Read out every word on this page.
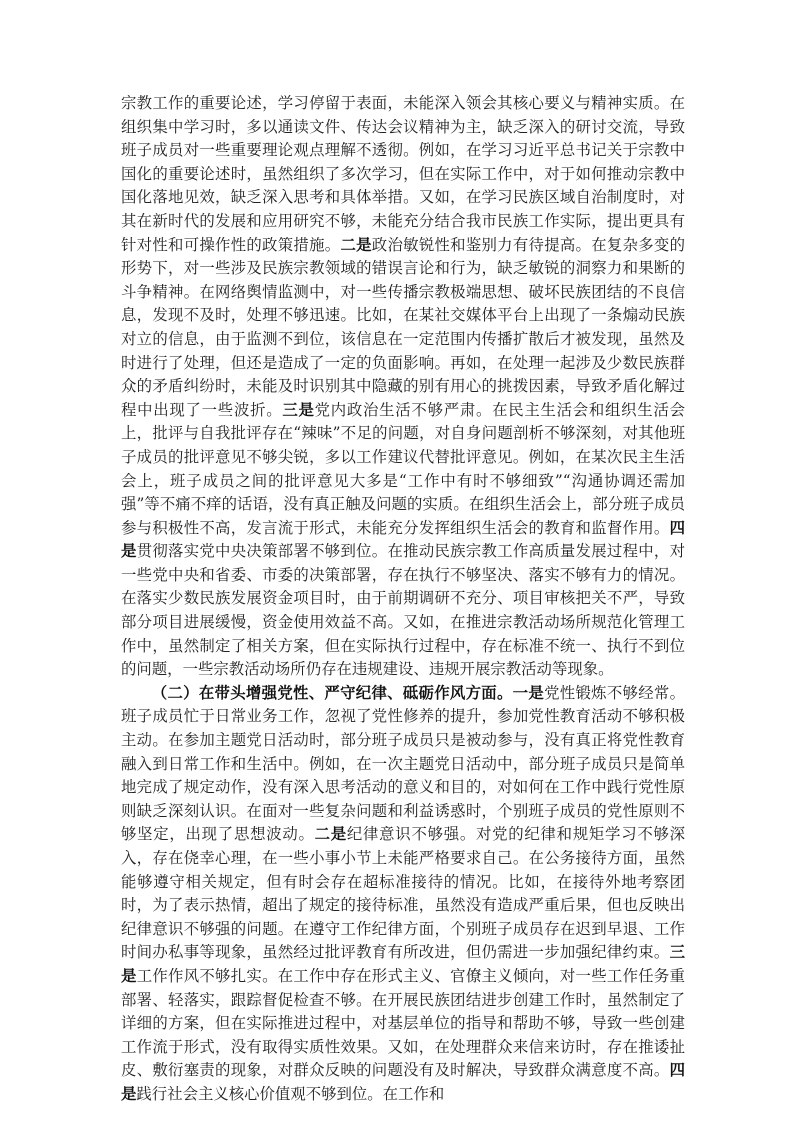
宗教工作的重要论述，学习停留于表面，未能深入领会其核心要义与精神实质。在组织集中学习时，多以通读文件、传达会议精神为主，缺乏深入的研讨交流，导致班子成员对一些重要理论观点理解不透彻。例如，在学习习近平总书记关于宗教中国化的重要论述时，虽然组织了多次学习，但在实际工作中，对于如何推动宗教中国化落地见效，缺乏深入思考和具体举措。又如，在学习民族区域自治制度时，对其在新时代的发展和应用研究不够，未能充分结合我市民族工作实际，提出更具有针对性和可操作性的政策措施。二是政治敏锐性和鉴别力有待提高。在复杂多变的形势下，对一些涉及民族宗教领域的错误言论和行为，缺乏敏锐的洞察力和果断的斗争精神。在网络舆情监测中，对一些传播宗教极端思想、破坏民族团结的不良信息，发现不及时，处理不够迅速。比如，在某社交媒体平台上出现了一条煽动民族对立的信息，由于监测不到位，该信息在一定范围内传播扩散后才被发现，虽然及时进行了处理，但还是造成了一定的负面影响。再如，在处理一起涉及少数民族群众的矛盾纠纷时，未能及时识别其中隐藏的别有用心的挑拨因素，导致矛盾化解过程中出现了一些波折。三是党内政治生活不够严肃。在民主生活会和组织生活会上，批评与自我批评存在“辣味”不足的问题，对自身问题剖析不够深刻，对其他班子成员的批评意见不够尖锐，多以工作建议代替批评意见。例如，在某次民主生活会上，班子成员之间的批评意见大多是“工作中有时不够细致”“沟通协调还需加强”等不痛不痒的话语，没有真正触及问题的实质。在组织生活会上，部分班子成员参与积极性不高，发言流于形式，未能充分发挥组织生活会的教育和监督作用。四是贯彻落实党中央决策部署不够到位。在推动民族宗教工作高质量发展过程中，对一些党中央和省委、市委的决策部署，存在执行不够坚决、落实不够有力的情况。在落实少数民族发展资金项目时，由于前期调研不充分、项目审核把关不严，导致部分项目进展缓慢，资金使用效益不高。又如，在推进宗教活动场所规范化管理工作中，虽然制定了相关方案，但在实际执行过程中，存在标准不统一、执行不到位的问题，一些宗教活动场所仍存在违规建设、违规开展宗教活动等现象。

（二）在带头增强党性、严守纪律、砥砺作风方面。一是党性锻炼不够经常。班子成员忙于日常业务工作，忽视了党性修养的提升，参加党性教育活动不够积极主动。在参加主题党日活动时，部分班子成员只是被动参与，没有真正将党性教育融入到日常工作和生活中。例如，在一次主题党日活动中，部分班子成员只是简单地完成了规定动作，没有深入思考活动的意义和目的，对如何在工作中践行党性原则缺乏深刻认识。在面对一些复杂问题和利益诱惑时，个别班子成员的党性原则不够坚定，出现了思想波动。二是纪律意识不够强。对党的纪律和规矩学习不够深入，存在侥幸心理，在一些小事小节上未能严格要求自己。在公务接待方面，虽然能够遵守相关规定，但有时会存在超标准接待的情况。比如，在接待外地考察团时，为了表示热情，超出了规定的接待标准，虽然没有造成严重后果，但也反映出纪律意识不够强的问题。在遵守工作纪律方面，个别班子成员存在迟到早退、工作时间办私事等现象，虽然经过批评教育有所改进，但仍需进一步加强纪律约束。三是工作作风不够扎实。在工作中存在形式主义、官僚主义倾向，对一些工作任务重部署、轻落实，跟踪督促检查不够。在开展民族团结进步创建工作时，虽然制定了详细的方案，但在实际推进过程中，对基层单位的指导和帮助不够，导致一些创建工作流于形式，没有取得实质性效果。又如，在处理群众来信来访时，存在推诿扯皮、敷衍塞责的现象，对群众反映的问题没有及时解决，导致群众满意度不高。四是践行社会主义核心价值观不够到位。在工作和
